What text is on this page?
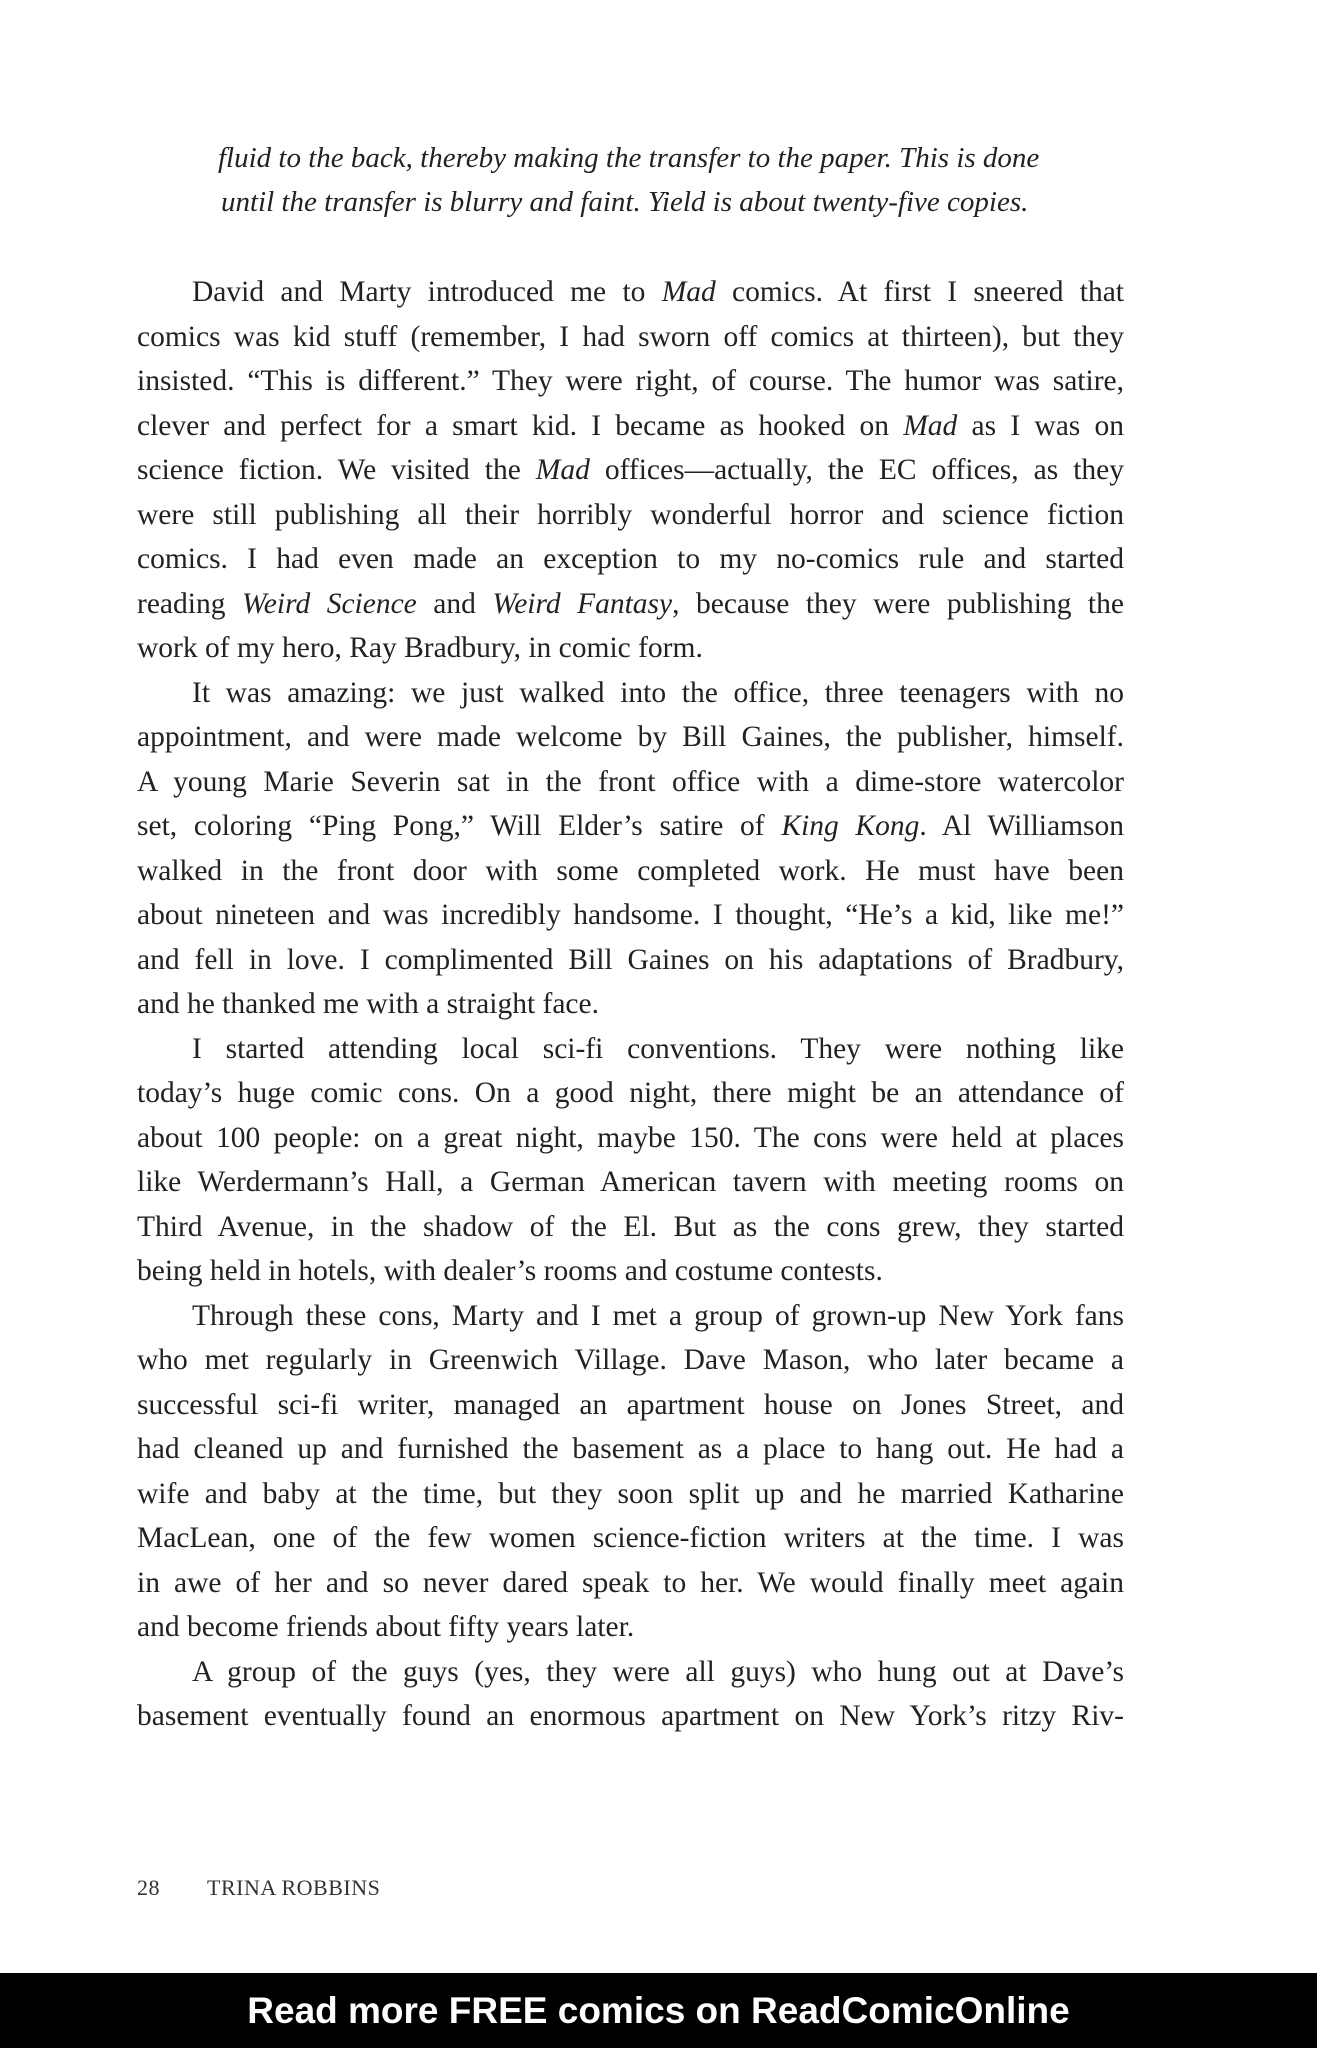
fluid to the back, thereby making the transfer to the paper. This is done
until the transfer is blurry and faint. Yield is about twenty-five copies.
David and Marty introduced me to Mad comics. At first I sneered that
comics was kid stuff (remember, I had sworn off comics at thirteen), but they
insisted. “This is different.” They were right, of course. The humor was satire,
clever and perfect for a smart kid. I became as hooked on Mad as I was on
science fiction. We visited the Mad offices—actually, the EC offices, as they
were still publishing all their horribly wonderful horror and science fiction
comics. I had even made an exception to my no-comics rule and started
reading Weird Science and Weird Fantasy, because they were publishing the
work of my hero, Ray Bradbury, in comic form.
It was amazing: we just walked into the office, three teenagers with no
appointment, and were made welcome by Bill Gaines, the publisher, himself.
A young Marie Severin sat in the front office with a dime-store watercolor
set, coloring “Ping Pong,” Will Elder’s satire of King Kong. Al Williamson
walked in the front door with some completed work. He must have been
about nineteen and was incredibly handsome. I thought, “He’s a kid, like me!”
and fell in love. I complimented Bill Gaines on his adaptations of Bradbury,
and he thanked me with a straight face.
I started attending local sci-fi conventions. They were nothing like
today’s huge comic cons. On a good night, there might be an attendance of
about 100 people: on a great night, maybe 150. The cons were held at places
like Werdermann’s Hall, a German American tavern with meeting rooms on
Third Avenue, in the shadow of the El. But as the cons grew, they started
being held in hotels, with dealer’s rooms and costume contests.
Through these cons, Marty and I met a group of grown-up New York fans
who met regularly in Greenwich Village. Dave Mason, who later became a
successful sci-fi writer, managed an apartment house on Jones Street, and
had cleaned up and furnished the basement as a place to hang out. He had a
wife and baby at the time, but they soon split up and he married Katharine
MacLean, one of the few women science-fiction writers at the time. I was
in awe of her and so never dared speak to her. We would finally meet again
and become friends about fifty years later.
A group of the guys (yes, they were all guys) who hung out at Dave’s
basement eventually found an enormous apartment on New York’s ritzy Riv-
28 TRINA ROBBINS
Read more FREE comics on ReadComicOnline
